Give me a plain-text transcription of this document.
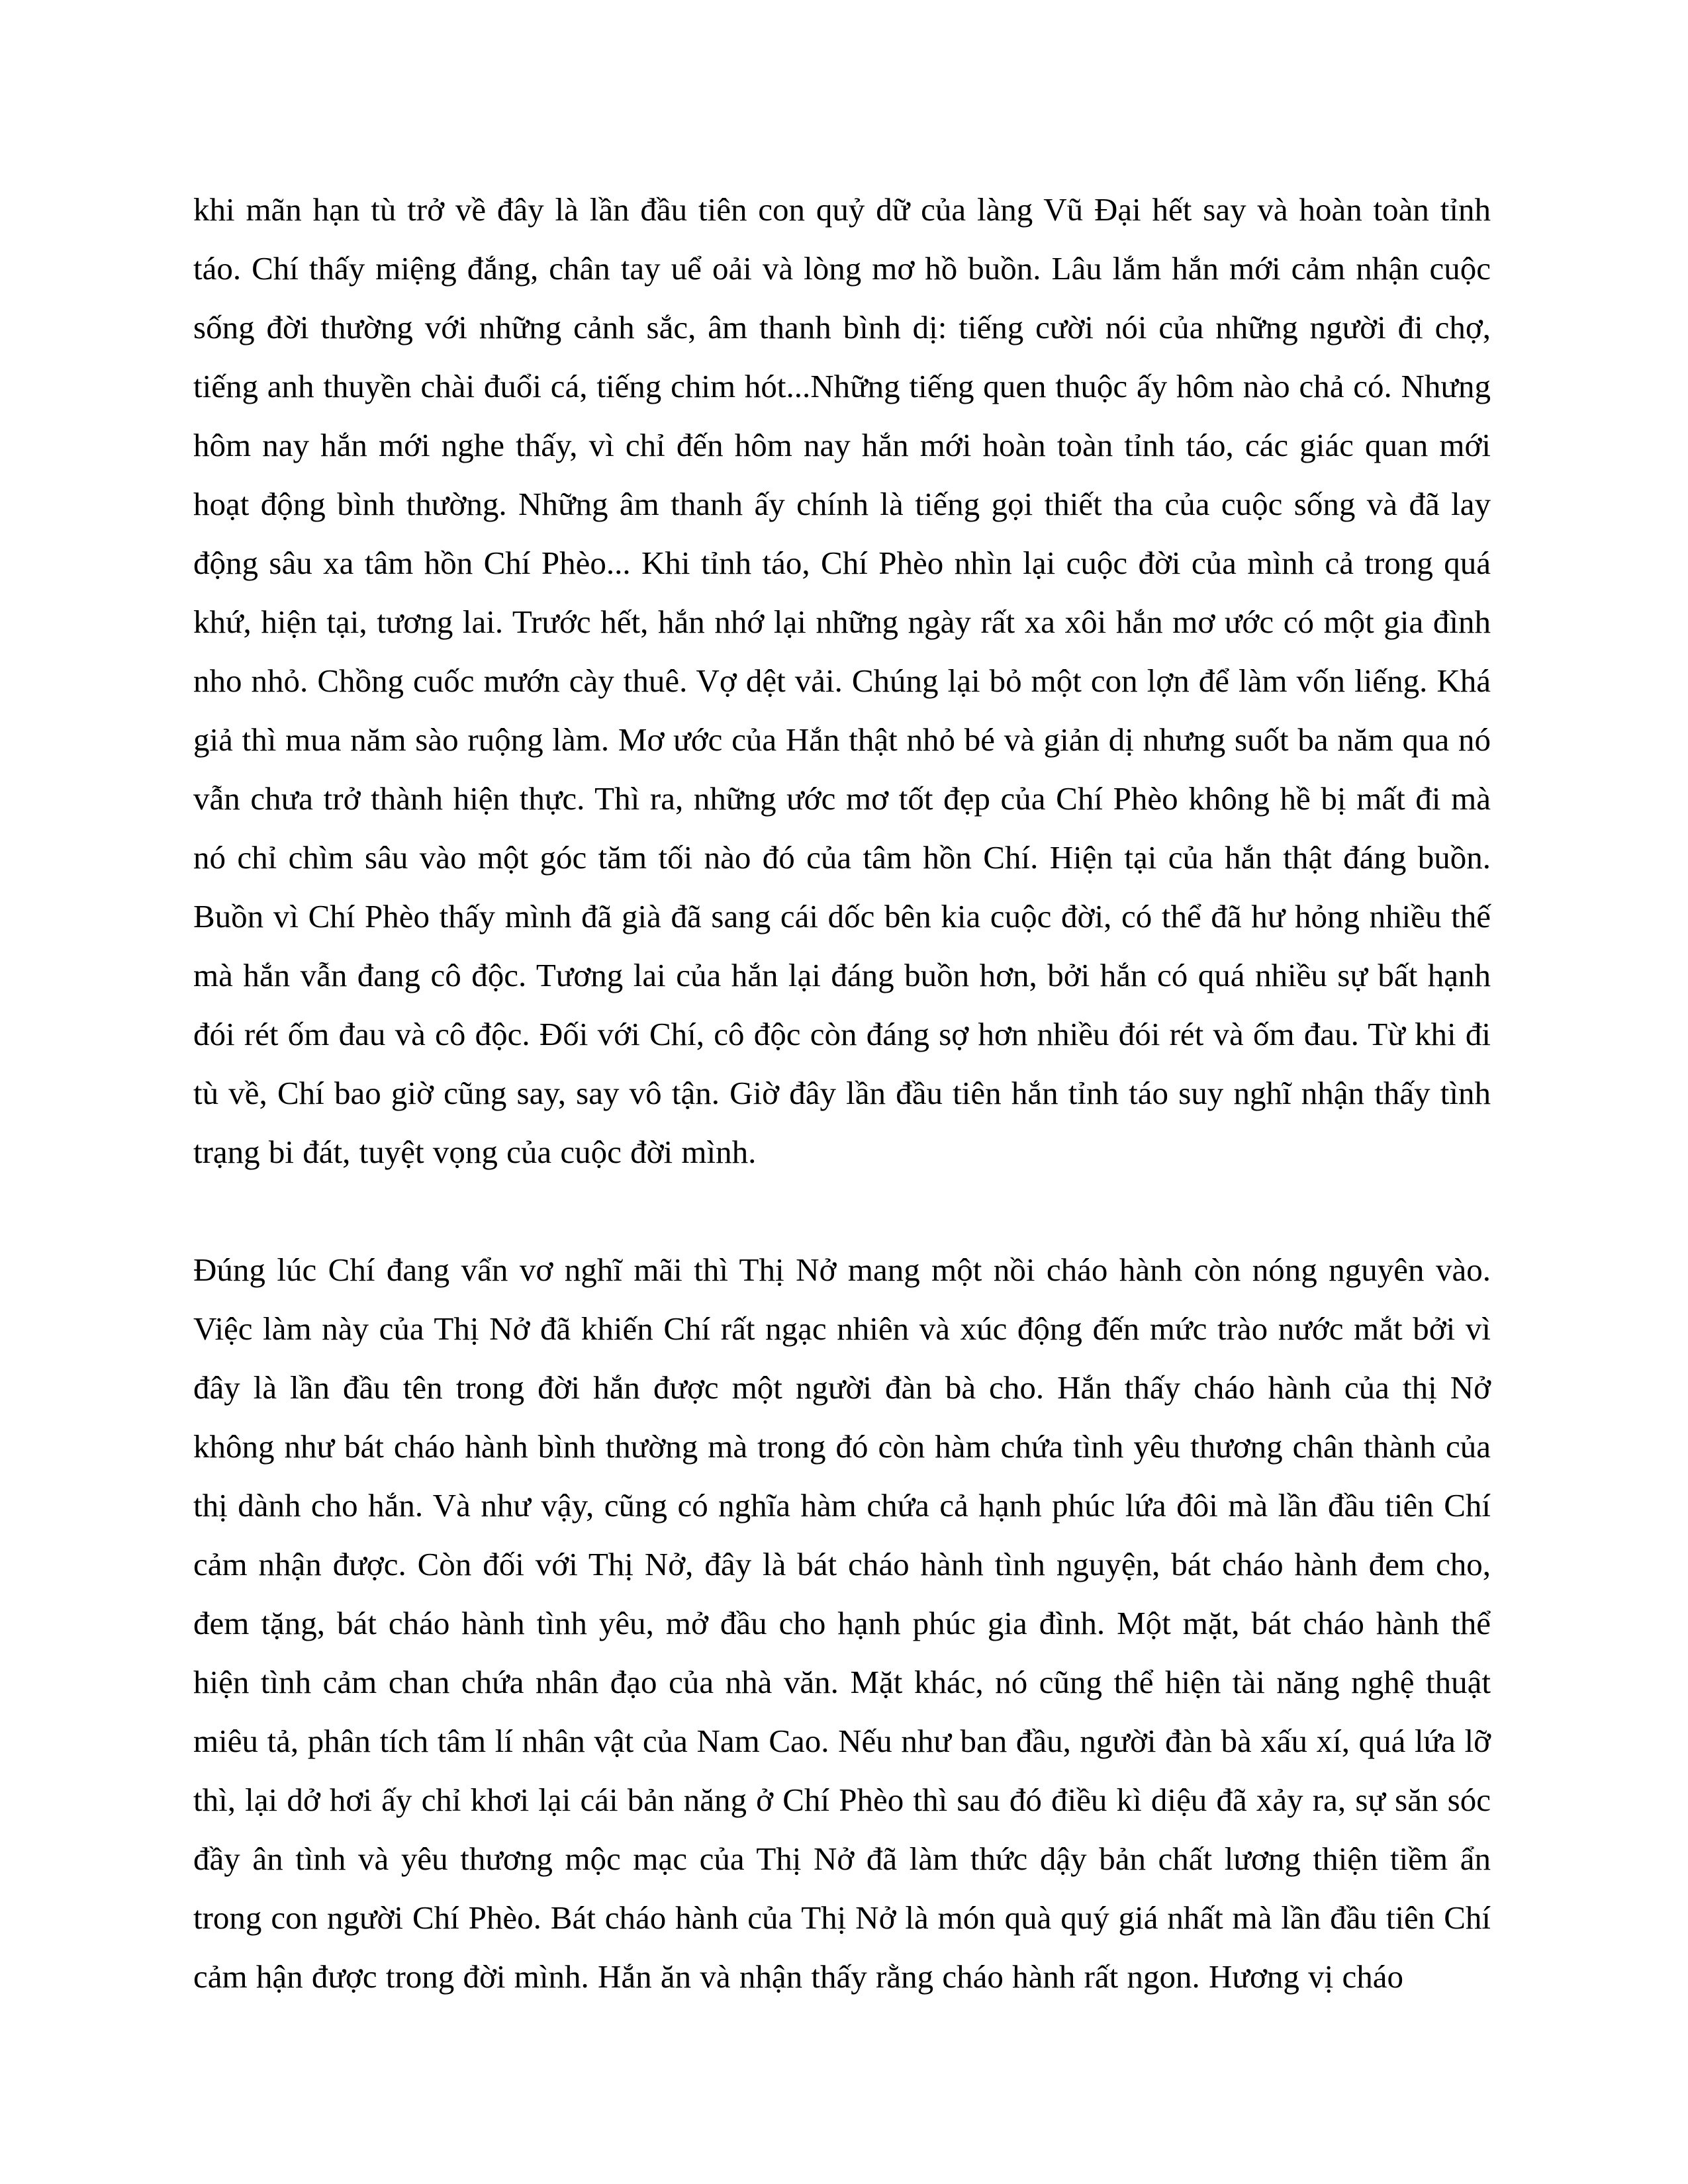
khi mãn hạn tù trở về đây là lần đầu tiên con quỷ dữ của làng Vũ Đại hết say và hoàn toàn tỉnh táo. Chí thấy miệng đắng, chân tay uể oải và lòng mơ hồ buồn. Lâu lắm hắn mới cảm nhận cuộc sống đời thường với những cảnh sắc, âm thanh bình dị: tiếng cười nói của những người đi chợ, tiếng anh thuyền chài đuổi cá, tiếng chim hót...Những tiếng quen thuộc ấy hôm nào chả có. Nhưng hôm nay hắn mới nghe thấy, vì chỉ đến hôm nay hắn mới hoàn toàn tỉnh táo, các giác quan mới hoạt động bình thường. Những âm thanh ấy chính là tiếng gọi thiết tha của cuộc sống và đã lay động sâu xa tâm hồn Chí Phèo... Khi tỉnh táo, Chí Phèo nhìn lại cuộc đời của mình cả trong quá khứ, hiện tại, tương lai. Trước hết, hắn nhớ lại những ngày rất xa xôi hắn mơ ước có một gia đình nho nhỏ. Chồng cuốc mướn cày thuê. Vợ dệt vải. Chúng lại bỏ một con lợn để làm vốn liếng. Khá giả thì mua năm sào ruộng làm. Mơ ước của Hắn thật nhỏ bé và giản dị nhưng suốt ba năm qua nó vẫn chưa trở thành hiện thực. Thì ra, những ước mơ tốt đẹp của Chí Phèo không hề bị mất đi mà nó chỉ chìm sâu vào một góc tăm tối nào đó của tâm hồn Chí. Hiện tại của hắn thật đáng buồn. Buồn vì Chí Phèo thấy mình đã già đã sang cái dốc bên kia cuộc đời, có thể đã hư hỏng nhiều thế mà hắn vẫn đang cô độc. Tương lai của hắn lại đáng buồn hơn, bởi hắn có quá nhiều sự bất hạnh đói rét ốm đau và cô độc. Đối với Chí, cô độc còn đáng sợ hơn nhiều đói rét và ốm đau. Từ khi đi tù về, Chí bao giờ cũng say, say vô tận. Giờ đây lần đầu tiên hắn tỉnh táo suy nghĩ nhận thấy tình trạng bi đát, tuyệt vọng của cuộc đời mình.

Đúng lúc Chí đang vẩn vơ nghĩ mãi thì Thị Nở mang một nồi cháo hành còn nóng nguyên vào. Việc làm này của Thị Nở đã khiến Chí rất ngạc nhiên và xúc động đến mức trào nước mắt bởi vì đây là lần đầu tên trong đời hắn được một người đàn bà cho. Hắn thấy cháo hành của thị Nở không như bát cháo hành bình thường mà trong đó còn hàm chứa tình yêu thương chân thành của thị dành cho hắn. Và như vậy, cũng có nghĩa hàm chứa cả hạnh phúc lứa đôi mà lần đầu tiên Chí cảm nhận được. Còn đối với Thị Nở, đây là bát cháo hành tình nguyện, bát cháo hành đem cho, đem tặng, bát cháo hành tình yêu, mở đầu cho hạnh phúc gia đình. Một mặt, bát cháo hành thể hiện tình cảm chan chứa nhân đạo của nhà văn. Mặt khác, nó cũng thể hiện tài năng nghệ thuật miêu tả, phân tích tâm lí nhân vật của Nam Cao. Nếu như ban đầu, người đàn bà xấu xí, quá lứa lỡ thì, lại dở hơi ấy chỉ khơi lại cái bản năng ở Chí Phèo thì sau đó điều kì diệu đã xảy ra, sự săn sóc đầy ân tình và yêu thương mộc mạc của Thị Nở đã làm thức dậy bản chất lương thiện tiềm ẩn trong con người Chí Phèo. Bát cháo hành của Thị Nở là món quà quý giá nhất mà lần đầu tiên Chí cảm hận được trong đời mình. Hắn ăn và nhận thấy rằng cháo hành rất ngon. Hương vị cháo
